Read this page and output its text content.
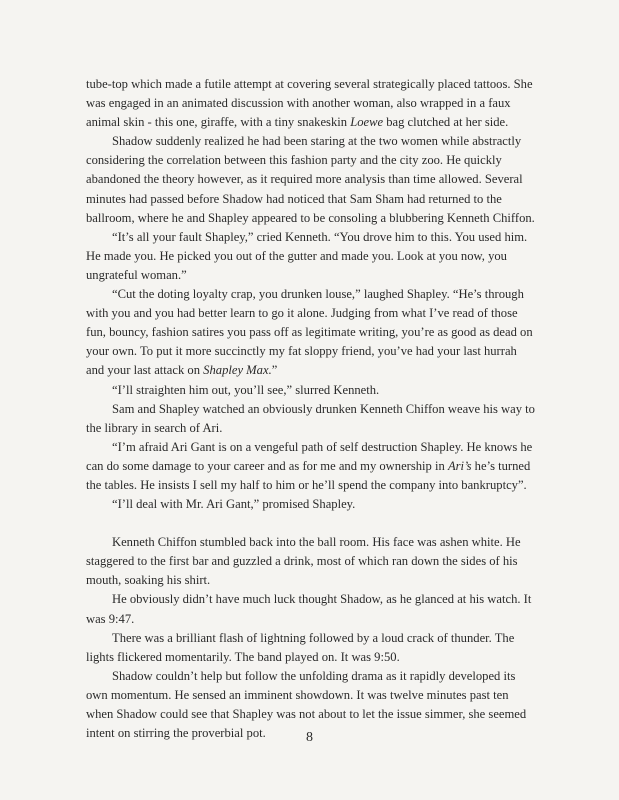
tube-top which made a futile attempt at covering several strategically placed tattoos. She was engaged in an animated discussion with another woman, also wrapped in a faux animal skin - this one, giraffe, with a tiny snakeskin Loewe bag clutched at her side.

Shadow suddenly realized he had been staring at the two women while abstractly considering the correlation between this fashion party and the city zoo. He quickly abandoned the theory however, as it required more analysis than time allowed. Several minutes had passed before Shadow had noticed that Sam Sham had returned to the ballroom, where he and Shapley appeared to be consoling a blubbering Kenneth Chiffon.

“It’s all your fault Shapley,” cried Kenneth. “You drove him to this. You used him. He made you. He picked you out of the gutter and made you. Look at you now, you ungrateful woman.”

“Cut the doting loyalty crap, you drunken louse,” laughed Shapley. “He’s through with you and you had better learn to go it alone. Judging from what I’ve read of those fun, bouncy, fashion satires you pass off as legitimate writing, you’re as good as dead on your own. To put it more succinctly my fat sloppy friend, you’ve had your last hurrah and your last attack on Shapley Max.”

“I’ll straighten him out, you’ll see,” slurred Kenneth.

Sam and Shapley watched an obviously drunken Kenneth Chiffon weave his way to the library in search of Ari.

“I’m afraid Ari Gant is on a vengeful path of self destruction Shapley. He knows he can do some damage to your career and as for me and my ownership in Ari’s he’s turned the tables. He insists I sell my half to him or he’ll spend the company into bankruptcy”.

“I’ll deal with Mr. Ari Gant,” promised Shapley.

Kenneth Chiffon stumbled back into the ball room. His face was ashen white. He staggered to the first bar and guzzled a drink, most of which ran down the sides of his mouth, soaking his shirt.

He obviously didn’t have much luck thought Shadow, as he glanced at his watch. It was 9:47.

There was a brilliant flash of lightning followed by a loud crack of thunder. The lights flickered momentarily. The band played on. It was 9:50.

Shadow couldn’t help but follow the unfolding drama as it rapidly developed its own momentum. He sensed an imminent showdown. It was twelve minutes past ten when Shadow could see that Shapley was not about to let the issue simmer, she seemed intent on stirring the proverbial pot.	8
